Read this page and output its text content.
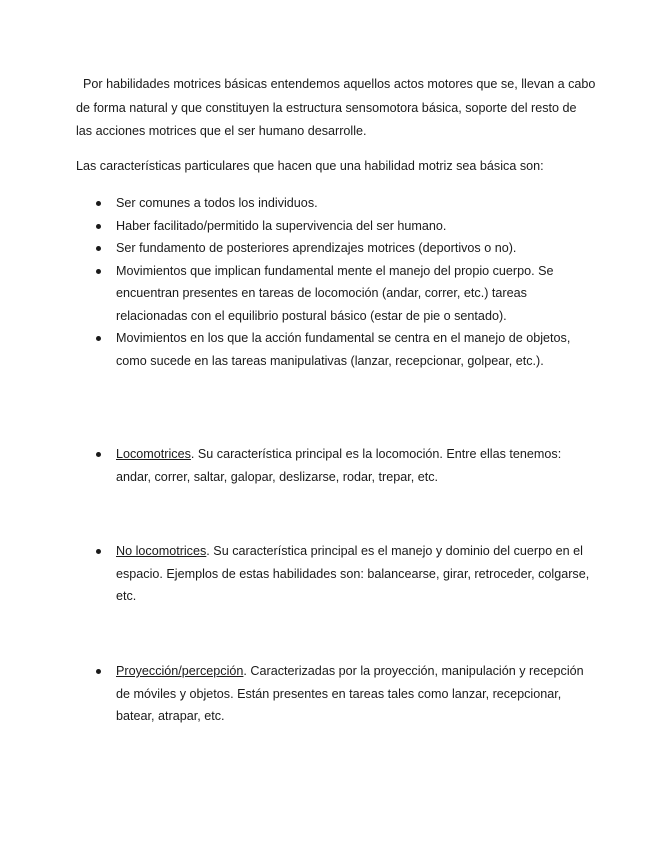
Por habilidades motrices básicas entendemos aquellos actos motores que se, llevan a cabo de forma natural y que constituyen la estructura sensomotora básica, soporte del resto de las acciones motrices que el ser humano desarrolle.

Las características particulares que hacen que una habilidad motriz sea básica son:

Ser comunes a todos los individuos.
Haber facilitado/permitido la supervivencia del ser humano.
Ser fundamento de posteriores aprendizajes motrices (deportivos o no).
Movimientos que implican fundamental mente el manejo del propio cuerpo. Se encuentran presentes en tareas de locomoción (andar, correr, etc.) tareas relacionadas con el equilibrio postural básico (estar de pie o sentado).
Movimientos en los que la acción fundamental se centra en el manejo de objetos, como sucede en las tareas manipulativas (lanzar, recepcionar, golpear, etc.).
Locomotrices. Su característica principal es la locomoción. Entre ellas tenemos: andar, correr, saltar, galopar, deslizarse, rodar, trepar, etc.
No locomotrices. Su característica principal es el manejo y dominio del cuerpo en el espacio. Ejemplos de estas habilidades son: balancearse, girar, retroceder, colgarse, etc.
Proyección/percepción. Caracterizadas por la proyección, manipulación y recepción de móviles y objetos. Están presentes en tareas tales como lanzar, recepcionar, batear, atrapar, etc.
